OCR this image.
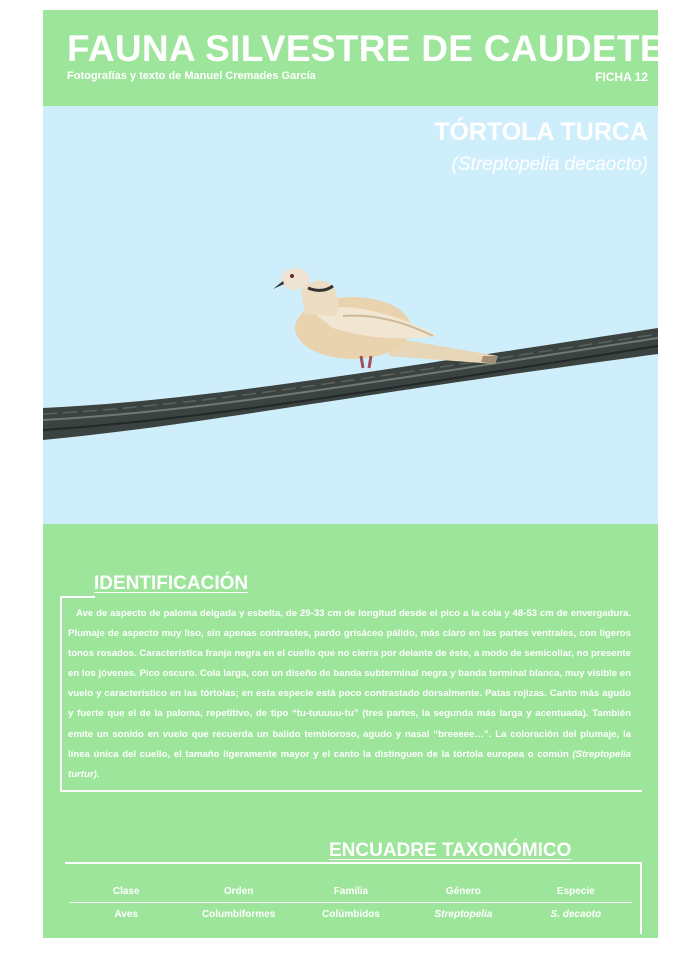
FAUNA SILVESTRE DE CAUDETE
Fotografías y texto de Manuel Cremades García	FICHA 12
TÓRTOLA TURCA
(Streptopelia decaocto)
IDENTIFICACIÓN
Ave de aspecto de paloma delgada y esbelta, de 29-33 cm de longitud desde el pico a la cola y 48-53 cm de envergadura. Plumaje de aspecto muy liso, sin apenas contrastes, pardo grisáceo pálido, más claro en las partes ventrales, con ligeros tonos rosados. Característica franja negra en el cuello que no cierra por delante de éste, a modo de semicollar, no presente en los jóvenes. Pico oscuro. Cola larga, con un diseño de banda subterminal negra y banda terminal blanca, muy visible en vuelo y característico en las tórtolas; en esta especie está poco contrastado dorsalmente. Patas rojizas. Canto más agudo y fuerte que el de la paloma, repetitivo, de tipo “tu-tuuuuu-tu” (tres partes, la segunda más larga y acentuada). También emite un sonido en vuelo que recuerda un balido tembloroso, agudo y nasal “breeeee…”. La coloración del plumaje, la línea única del cuello, el tamaño ligeramente mayor y el canto la distinguen de la tórtola europea o común (Streptopelia turtur).
ENCUADRE TAXONÓMICO
Clase	Orden	Familia	Género	Especie
Aves	Columbiformes	Colúmbidos	Streptopelia	S. decaoto
